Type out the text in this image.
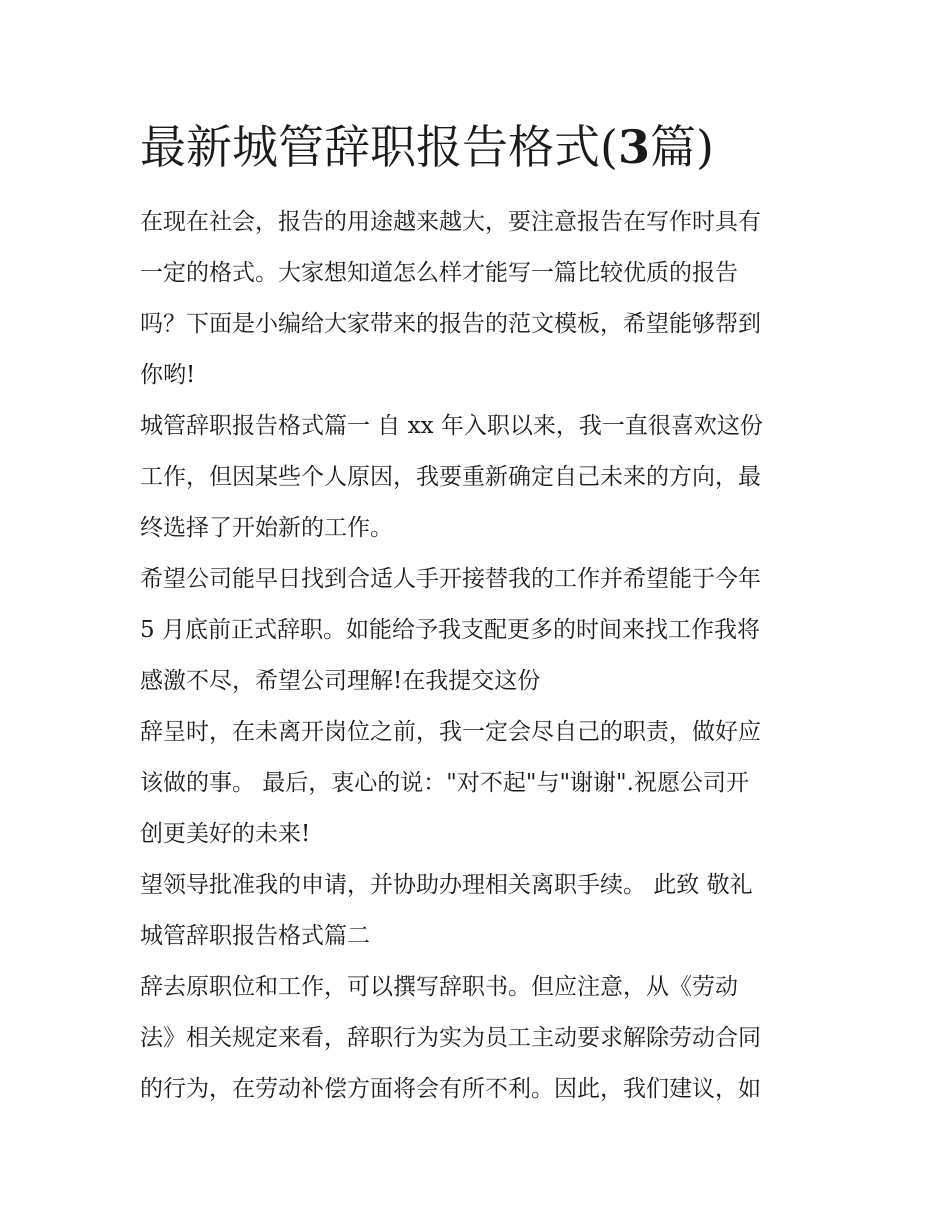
最新城管辞职报告格式(3篇)

在现在社会，报告的用途越来越大，要注意报告在写作时具有
一定的格式。大家想知道怎么样才能写一篇比较优质的报告
吗？下面是小编给大家带来的报告的范文模板，希望能够帮到
你哟!

城管辞职报告格式篇一 自 xx 年入职以来，我一直很喜欢这份
工作，但因某些个人原因，我要重新确定自己未来的方向，最
终选择了开始新的工作。

希望公司能早日找到合适人手开接替我的工作并希望能于今年
5 月底前正式辞职。如能给予我支配更多的时间来找工作我将
感激不尽，希望公司理解!在我提交这份

辞呈时，在未离开岗位之前，我一定会尽自己的职责，做好应
该做的事。 最后，衷心的说："对不起"与"谢谢".祝愿公司开
创更美好的未来!

望领导批准我的申请，并协助办理相关离职手续。 此致 敬礼

城管辞职报告格式篇二

辞去原职位和工作，可以撰写辞职书。但应注意，从《劳动
法》相关规定来看，辞职行为实为员工主动要求解除劳动合同
的行为，在劳动补偿方面将会有所不利。因此，我们建议，如
